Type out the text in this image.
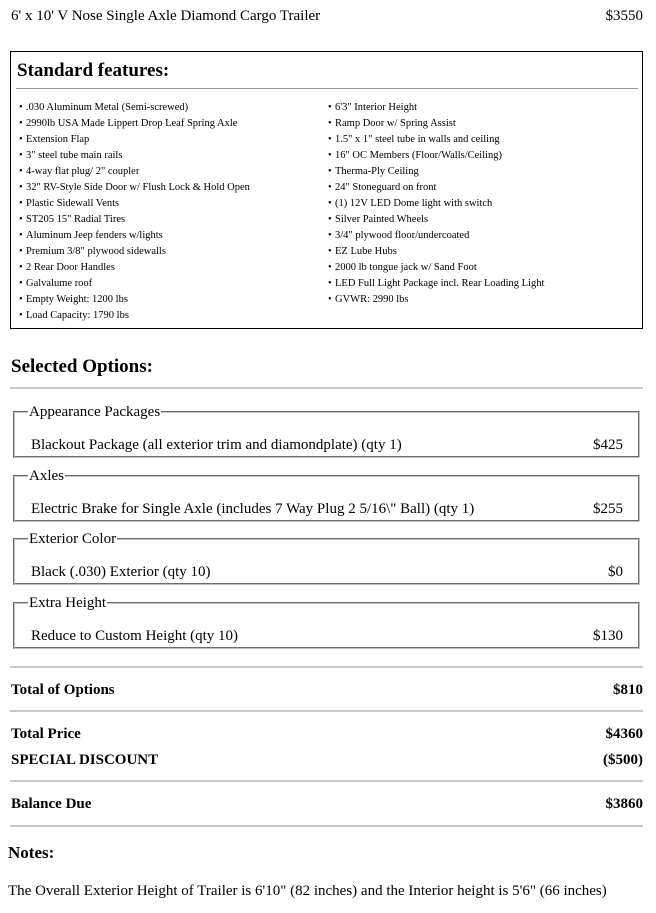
6' x 10' V Nose Single Axle Diamond Cargo Trailer	$3550
Standard features:
• .030 Aluminum Metal (Semi-screwed)
• 2990lb USA Made Lippert Drop Leaf Spring Axle
• Extension Flap
• 3" steel tube main rails
• 4-way flat plug/ 2" coupler
• 32" RV-Style Side Door w/ Flush Lock & Hold Open
• Plastic Sidewall Vents
• ST205 15" Radial Tires
• Aluminum Jeep fenders w/lights
• Premium 3/8" plywood sidewalls
• 2 Rear Door Handles
• Galvalume roof
• Empty Weight: 1200 lbs
• Load Capacity: 1790 lbs
• 6'3" Interior Height
• Ramp Door w/ Spring Assist
• 1.5" x 1" steel tube in walls and ceiling
• 16" OC Members (Floor/Walls/Ceiling)
• Therma-Ply Ceiling
• 24" Stoneguard on front
• (1) 12V LED Dome light with switch
• Silver Painted Wheels
• 3/4" plywood floor/undercoated
• EZ Lube Hubs
• 2000 lb tongue jack w/ Sand Foot
• LED Full Light Package incl. Rear Loading Light
• GVWR: 2990 lbs
Selected Options:
Appearance Packages
Blackout Package (all exterior trim and diamondplate) (qty 1)	$425
Axles
Electric Brake for Single Axle (includes 7 Way Plug 2 5/16\" Ball) (qty 1)	$255
Exterior Color
Black (.030) Exterior (qty 10)	$0
Extra Height
Reduce to Custom Height (qty 10)	$130
Total of Options	$810
Total Price	$4360
SPECIAL DISCOUNT	($500)
Balance Due	$3860
Notes:
The Overall Exterior Height of Trailer is 6'10" (82 inches) and the Interior height is 5'6" (66 inches)
